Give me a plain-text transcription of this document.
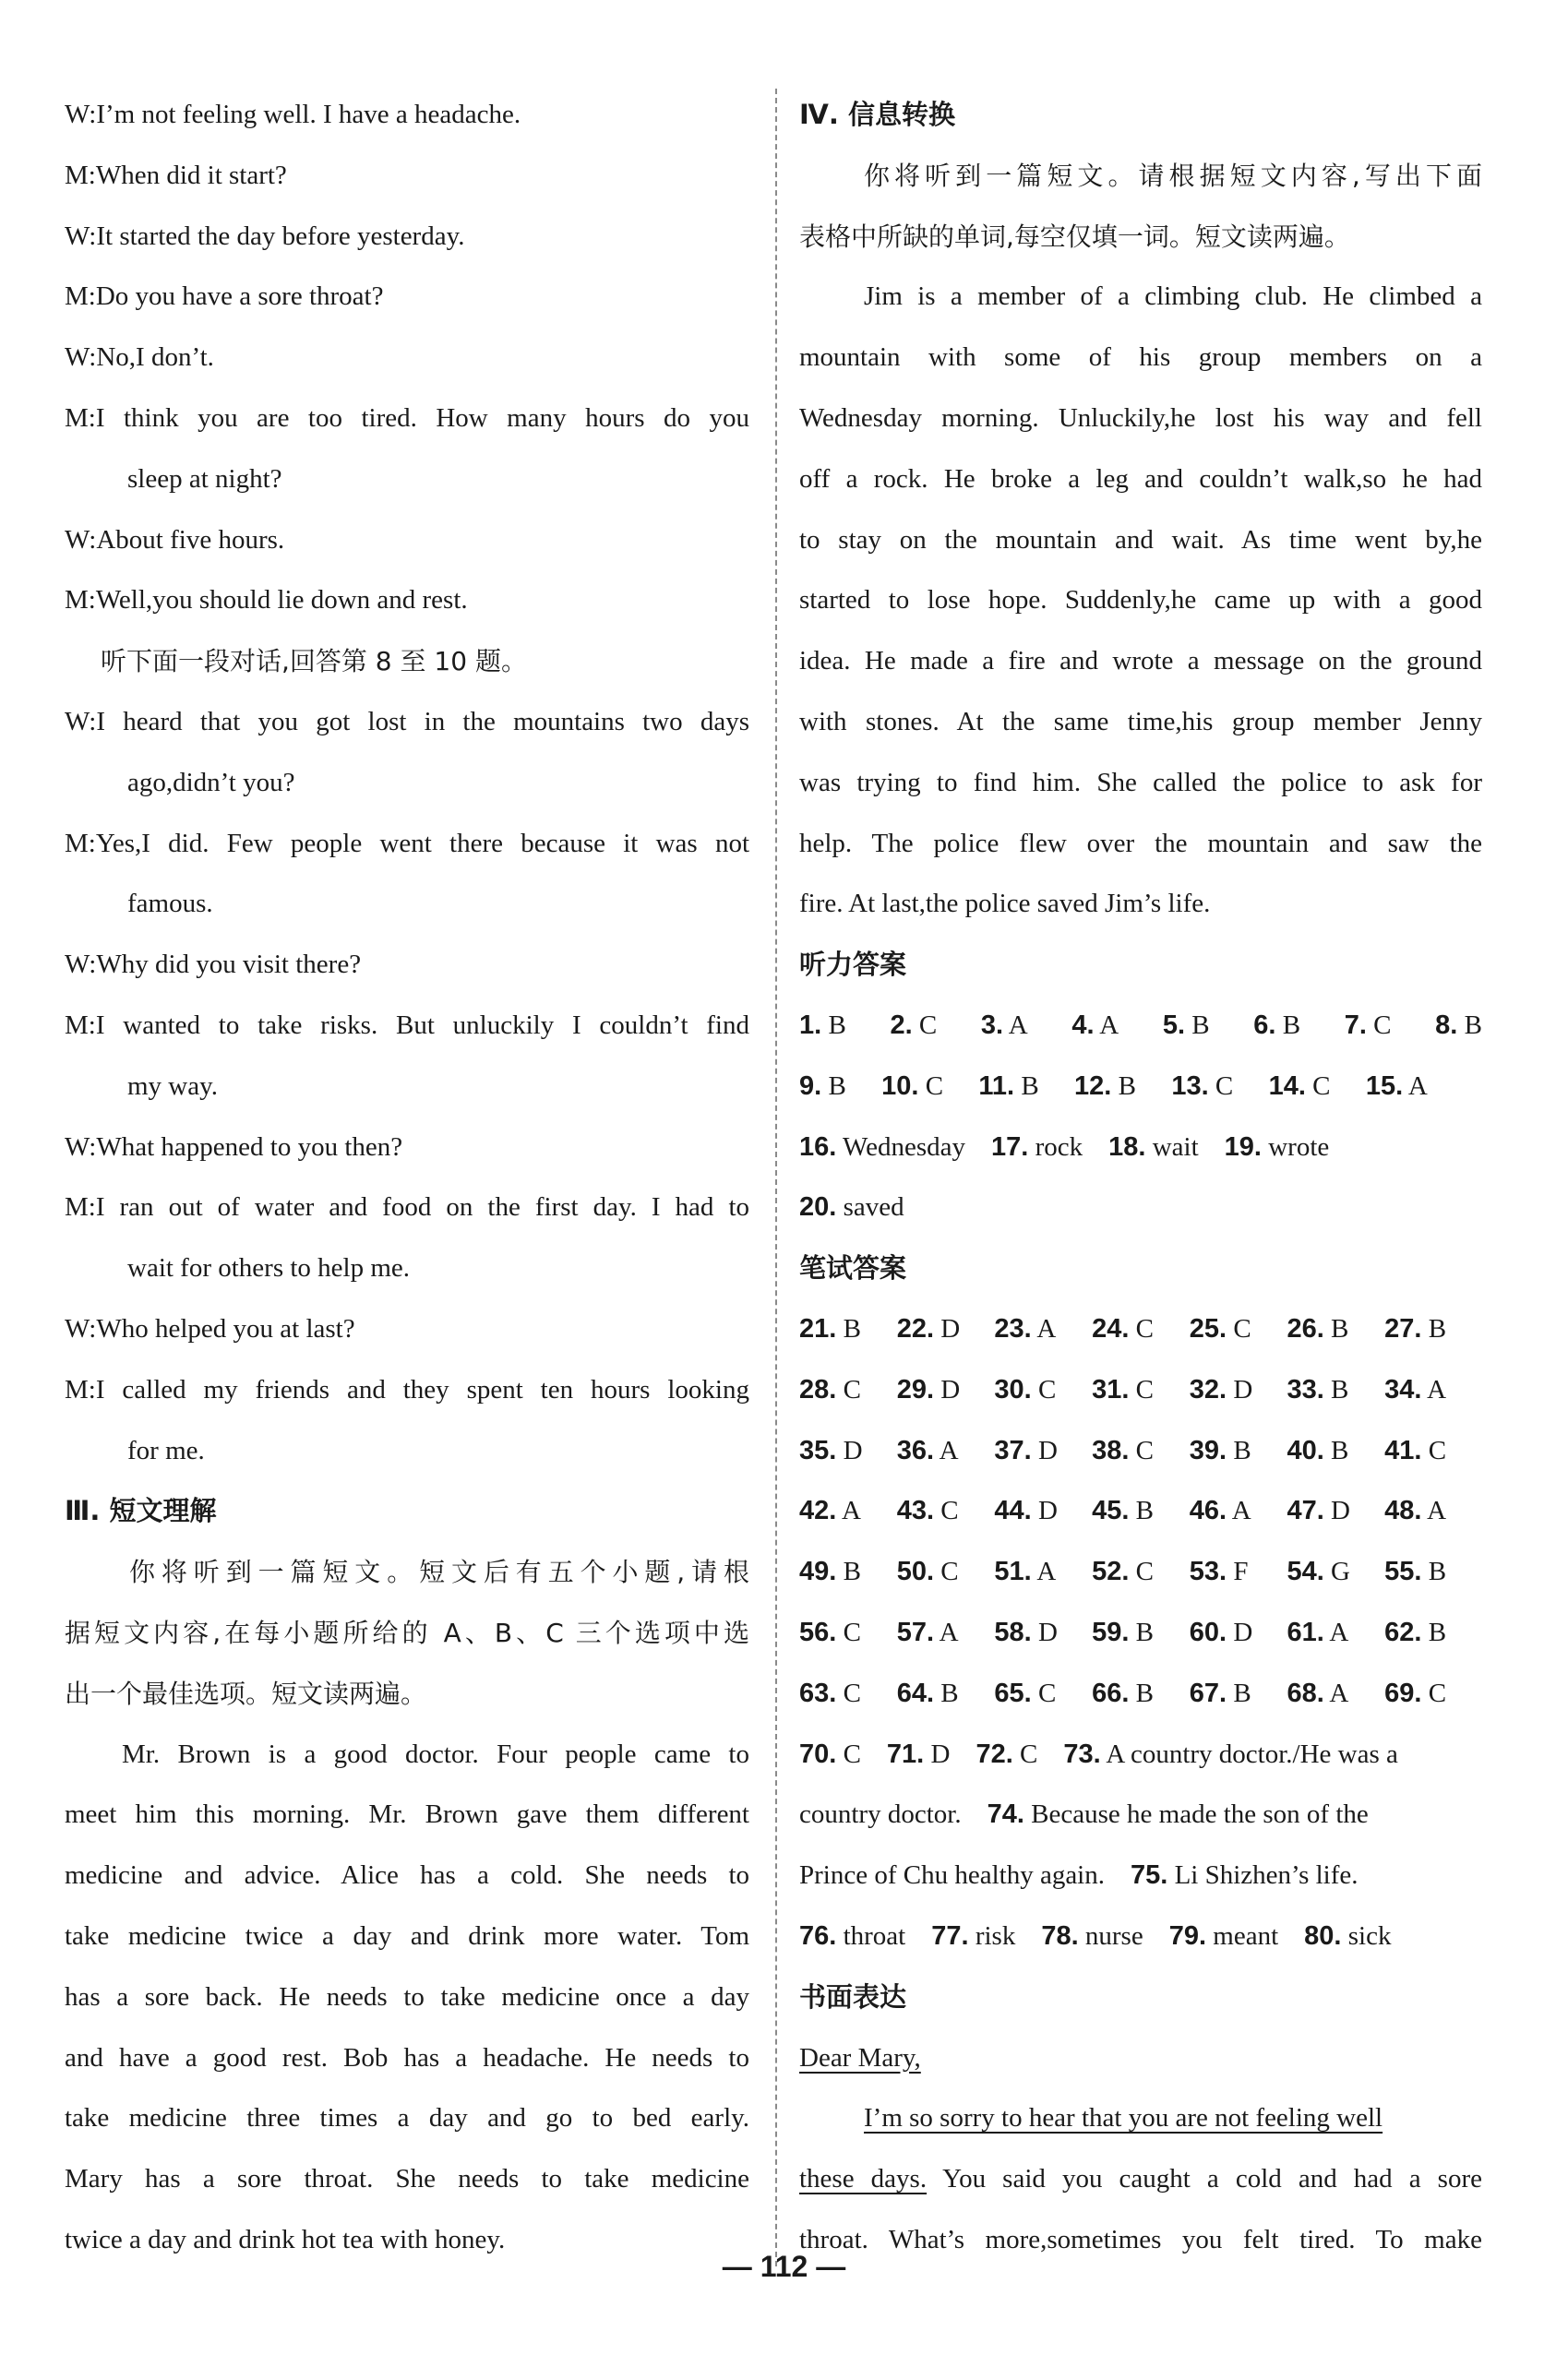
W:I’m not feeling well. I have a headache.
M:When did it start?
W:It started the day before yesterday.
M:Do you have a sore throat?
W:No,I don’t.
M:I think you are too tired. How many hours do you
sleep at night?
W:About five hours.
M:Well,you should lie down and rest.
听下面一段对话,回答第 8 至 10 题。
W:I heard that you got lost in the mountains two days
ago,didn’t you?
M:Yes,I did. Few people went there because it was not
famous.
W:Why did you visit there?
M:I wanted to take risks. But unluckily I couldn’t find
my way.
W:What happened to you then?
M:I ran out of water and food on the first day. I had to
wait for others to help me.
W:Who helped you at last?
M:I called my friends and they spent ten hours looking
for me.
Ⅲ. 短文理解
你将听到一篇短文。短文后有五个小题,请根
据短文内容,在每小题所给的 A、B、C 三个选项中选
出一个最佳选项。短文读两遍。
Mr. Brown is a good doctor. Four people came to
meet him this morning. Mr. Brown gave them different
medicine and advice. Alice has a cold. She needs to
take medicine twice a day and drink more water. Tom
has a sore back. He needs to take medicine once a day
and have a good rest. Bob has a headache. He needs to
take medicine three times a day and go to bed early.
Mary has a sore throat. She needs to take medicine
twice a day and drink hot tea with honey.
Ⅳ. 信息转换
你将听到一篇短文。请根据短文内容,写出下面
表格中所缺的单词,每空仅填一词。短文读两遍。
Jim is a member of a climbing club. He climbed a
mountain with some of his group members on a
Wednesday morning. Unluckily,he lost his way and fell
off a rock. He broke a leg and couldn’t walk,so he had
to stay on the mountain and wait. As time went by,he
started to lose hope. Suddenly,he came up with a good
idea. He made a fire and wrote a message on the ground
with stones. At the same time,his group member Jenny
was trying to find him. She called the police to ask for
help. The police flew over the mountain and saw the
fire. At last,the police saved Jim’s life.
听力答案
1. B 2. C 3. A 4. A 5. B 6. B 7. C 8. B
9. B 10. C 11. B 12. B 13. C 14. C 15. A
16. Wednesday 17. rock 18. wait 19. wrote
20. saved
笔试答案
21. B	22. D	23. A	24. C	25. C	26. B	27. B
28. C	29. D	30. C	31. C	32. D	33. B	34. A
35. D	36. A	37. D	38. C	39. B	40. B	41. C
42. A	43. C	44. D	45. B	46. A	47. D	48. A
49. B	50. C	51. A	52. C	53. F	54. G	55. B
56. C	57. A	58. D	59. B	60. D	61. A	62. B
63. C	64. B	65. C	66. B	67. B	68. A	69. C
70. C 71. D 72. C 73. A country doctor./He was a
country doctor. 74. Because he made the son of the
Prince of Chu healthy again. 75. Li Shizhen’s life.
76. throat 77. risk 78. nurse 79. meant 80. sick
书面表达
Dear Mary,
I’m so sorry to hear that you are not feeling well
these days. You said you caught a cold and had a sore
throat. What’s more,sometimes you felt tired. To make
— 112 —
